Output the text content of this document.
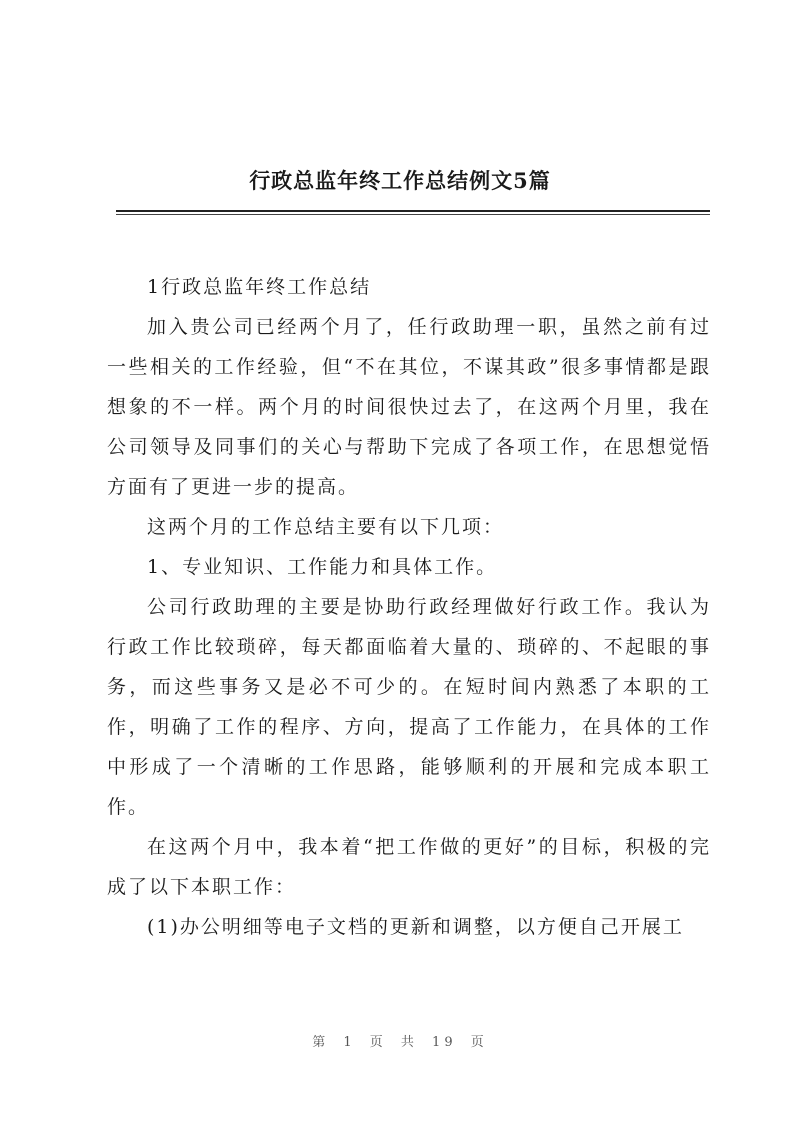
行政总监年终工作总结例文5篇

1行政总监年终工作总结

加入贵公司已经两个月了，任行政助理一职，虽然之前有过一些相关的工作经验，但“不在其位，不谋其政”很多事情都是跟想象的不一样。两个月的时间很快过去了，在这两个月里，我在公司领导及同事们的关心与帮助下完成了各项工作，在思想觉悟方面有了更进一步的提高。

这两个月的工作总结主要有以下几项：

1、专业知识、工作能力和具体工作。

公司行政助理的主要是协助行政经理做好行政工作。我认为行政工作比较琐碎，每天都面临着大量的、琐碎的、不起眼的事务，而这些事务又是必不可少的。在短时间内熟悉了本职的工作，明确了工作的程序、方向，提高了工作能力，在具体的工作中形成了一个清晰的工作思路，能够顺利的开展和完成本职工作。

在这两个月中，我本着“把工作做的更好”的目标，积极的完成了以下本职工作：

(1)办公明细等电子文档的更新和调整，以方便自己开展工

第 1 页 共 19 页
